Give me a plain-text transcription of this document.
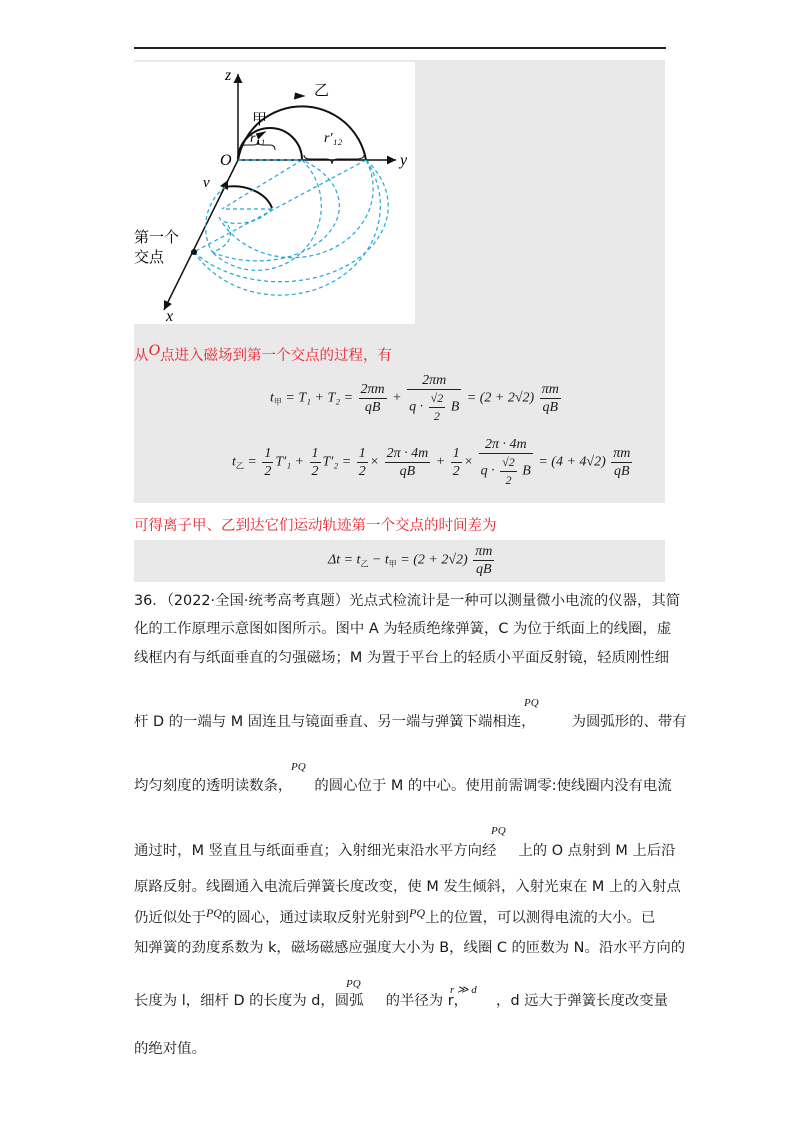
z
y
x
O
v
乙
甲
r₁₁	r′₁₂
第一个
交点
从O点进入磁场到第一个交点的过程，有
$t_甲 = T_1 + T_2 = \frac{2\pi m}{qB} + \frac{2\pi m}{q \cdot \frac{√2}{2} B} = (2 + 2√2) \frac{\pi m}{qB}$
$t_乙 = \frac{1}{2} T'_1 + \frac{1}{2} T'_2 = \frac{1}{2} \times \frac{2\pi \cdot 4m}{qB} + \frac{1}{2} \times \frac{2\pi \cdot 4m}{q \cdot \frac{√2}{2} B} = (4 + 4√2) \frac{\pi m}{qB}$
可得离子甲、乙到达它们运动轨迹第一个交点的时间差为
$\Delta t = t_乙 - t_甲 = (2 + 2√2) \frac{\pi m}{qB}$
36．（2022·全国·统考高考真题）光点式检流计是一种可以测量微小电流的仪器，其简
化的工作原理示意图如图所示。图中 A 为轻质绝缘弹簧，C 为位于纸面上的线圈，虚
线框内有与纸面垂直的匀强磁场；M 为置于平台上的轻质小平面反射镜，轻质刚性细
杆 D 的一端与 M 固连且与镜面垂直、另一端与弹簧下端相连，	为圆弧形的、带有
PQ
均匀刻度的透明读数条， 的圆心位于 M 的中心。使用前需调零:使线圈内没有电流
PQ
通过时，M 竖直且与纸面垂直；入射细光束沿水平方向经 上的 O 点射到 M 上后沿
PQ
原路反射。线圈通入电流后弹簧长度改变，使 M 发生倾斜，入射光束在 M 上的入射点
仍近似处于$^{PQ}$的圆心，通过读取反射光射到$^{PQ}$上的位置，可以测得电流的大小。已
知弹簧的劲度系数为 k，磁场磁感应强度大小为 B，线圈 C 的匝数为 N。沿水平方向的
长度为 l，细杆 D 的长度为 d，圆弧 的半径为 r， ，d 远大于弹簧长度改变量
PQ	r ≫ d
的绝对值。
